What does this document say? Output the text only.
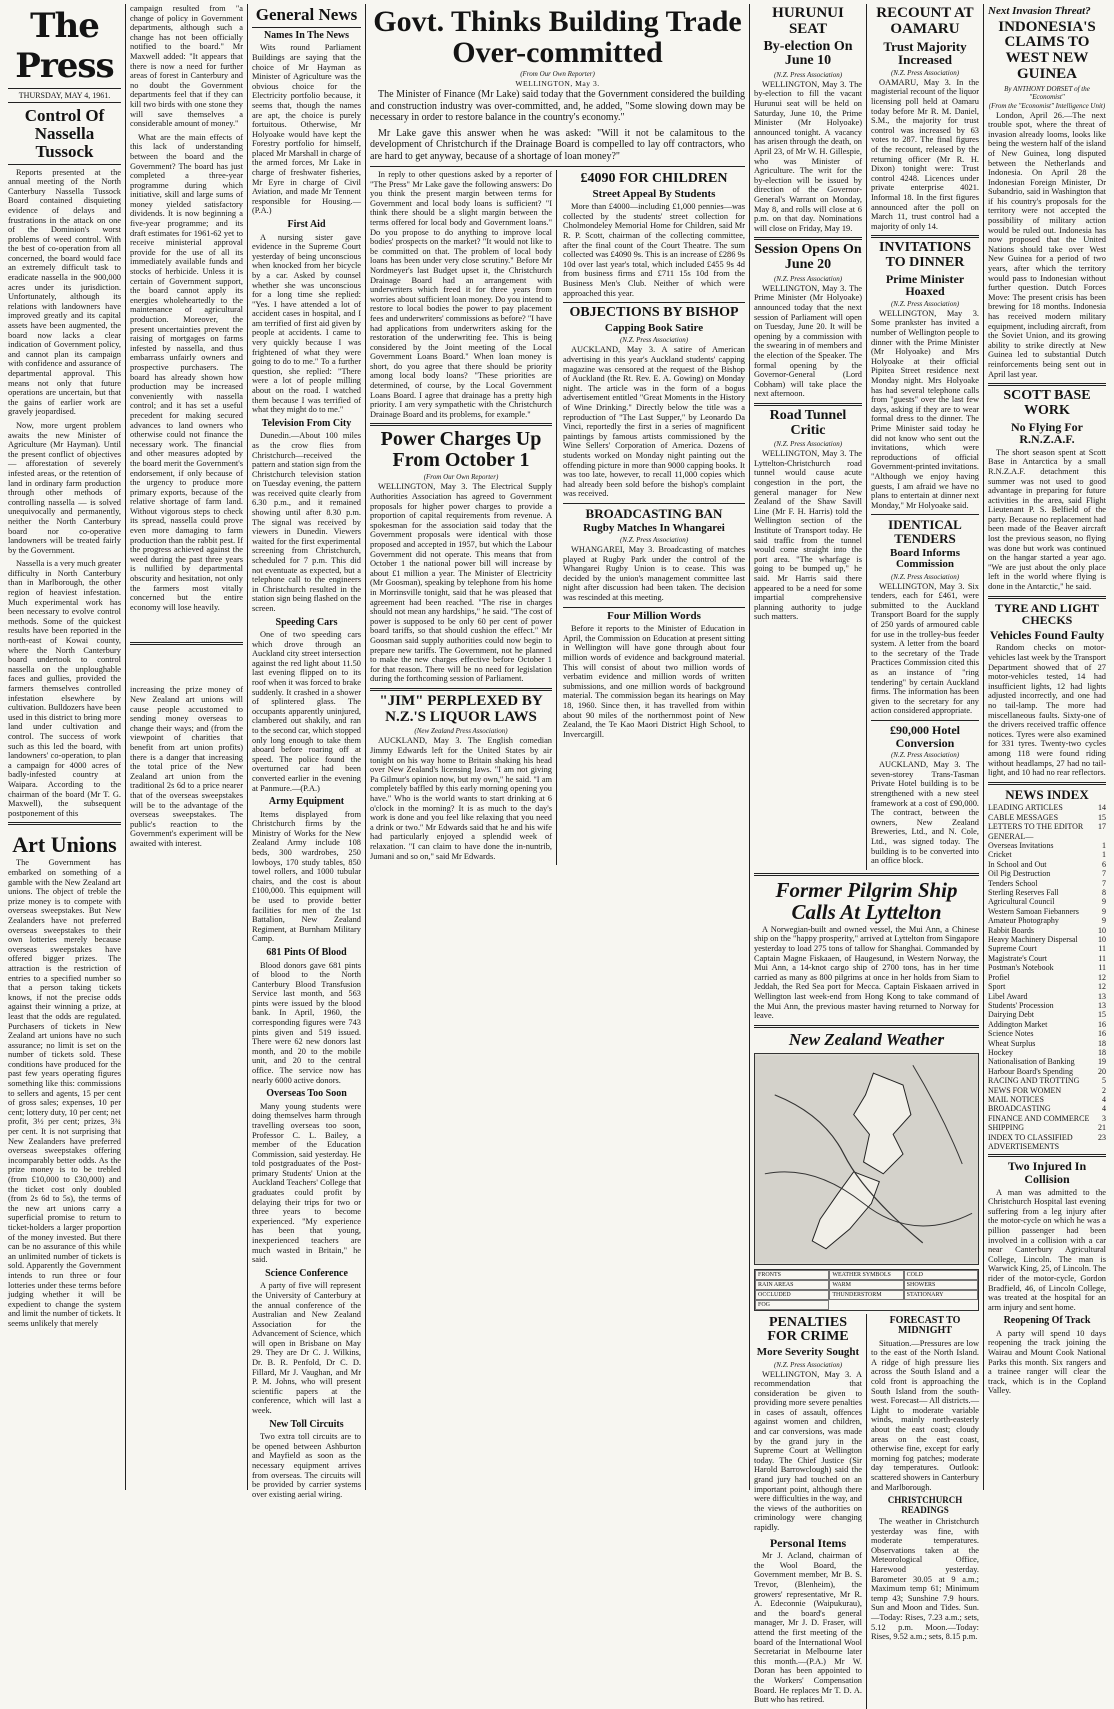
The Press
THURSDAY, MAY 4, 1961.
Control Of Nassella Tussock

Reports presented at the annual meeting of the North Canterbury Nassella Tussock Board contained disquieting evidence of delays and frustrations in the attack on one of the Dominion's worst problems of weed control. With the best of co-operation from all concerned, the board would face an extremely difficult task to eradicate nassella in the 900,000 acres under its jurisdiction. Unfortunately, although its relations with landowners have improved greatly and its capital assets have been augmented, the board now lacks a clear indication of Government policy, and cannot plan its campaign with confidence and assurance of departmental approval. This means not only that future operations are uncertain, but that the gains of earlier work are gravely jeopardised.

Now, more urgent problem awaits the new Minister of Agriculture (Mr Hayman). Until the present conflict of objectives — afforestation of severely infested areas, or the retention of land in ordinary farm production through other methods of controlling nassella — is solved unequivocally and permanently, neither the North Canterbury board nor co-operative landowners will be treated fairly by the Government.

Nassella is a very much greater difficulty in North Canterbury than in Marlborough, the other region of heaviest infestation. Much experimental work has been necessary to evolve control methods. Some of the quickest results have been reported in the north-east of Kowai county, where the North Canterbury board undertook to control nassella on the unploughable faces and gullies, provided the farmers themselves controlled infestation elsewhere by cultivation. Bulldozers have been used in this district to bring more land under cultivation and control. The success of work such as this led the board, with landowners' co-operation, to plan a campaign for 4000 acres of badly-infested country at Waipara. According to the chairman of the board (Mr T. G. Maxwell), the subsequent postponement of this

Art Unions

The Government has embarked on something of a gamble with the New Zealand art unions. The object of treble the prize money is to compete with overseas sweepstakes. But New Zealanders have not preferred overseas sweepstakes to their own lotteries merely because overseas sweepstakes have offered bigger prizes. The attraction is the restriction of entries to a specified number so that a person taking tickets knows, if not the precise odds against their winning a prize, at least that the odds are regulated. Purchasers of tickets in New Zealand art unions have no such assurance; no limit is set on the number of tickets sold. These conditions have produced for the past few years operating figures something like this: commissions to sellers and agents, 15 per cent of gross sales; expenses, 10 per cent; lottery duty, 10 per cent; net profit, 3½ per cent; prizes, 3¾ per cent. It is not surprising that New Zealanders have preferred overseas sweepstakes offering incomparably better odds. As the prize money is to be trebled (from £10,000 to £30,000) and the ticket cost only doubled (from 2s 6d to 5s), the terms of the new art unions carry a superficial promise to return to ticket-holders a larger proportion of the money invested. But there can be no assurance of this while an unlimited number of tickets is sold. Apparently the Government intends to run three or four lotteries under these terms before judging whether it will be expedient to change the system and limit the number of tickets. It seems unlikely that merely

campaign resulted from "a change of policy in Government departments, although such a change has not been officially notified to the board." Mr Maxwell added: "It appears that there is now a need for further areas of forest in Canterbury and no doubt the Government departments feel that if they can kill two birds with one stone they will save themselves a considerable amount of money."

What are the main effects of this lack of understanding between the board and the Government? The board has just completed a three-year programme during which initiative, skill and large sums of money yielded satisfactory dividends. It is now beginning a five-year programme; and its draft estimates for 1961-62 yet to receive ministerial approval provide for the use of all its immediately available funds and stocks of herbicide. Unless it is certain of Government support, the board cannot apply its energies wholeheartedly to the maintenance of agricultural production. Moreover, the present uncertainties prevent the raising of mortgages on farms infested by nassella, and thus embarrass unfairly owners and prospective purchasers. The board has already shown how production may be increased conveniently with nassella control; and it has set a useful precedent for making secured advances to land owners who otherwise could not finance the necessary work. The financial and other measures adopted by the board merit the Government's endorsement, if only because of the urgency to produce more primary exports, because of the relative shortage of farm land. Without vigorous steps to check its spread, nassella could prove even more damaging to farm production than the rabbit pest. If the progress achieved against the weed during the past three years is nullified by departmental obscurity and hesitation, not only the farmers most vitally concerned but the entire economy will lose heavily.

increasing the prize money of New Zealand art unions will cause people accustomed to sending money overseas to change their ways; and (from the viewpoint of charities that benefit from art union profits) there is a danger that increasing the total price of the New Zealand art union from the traditional 2s 6d to a price nearer that of the overseas sweepstakes will be to the advantage of the overseas sweepstakes. The public's reaction to the Government's experiment will be awaited with interest.

General News
Names In The News

Wits round Parliament Buildings are saying that the choice of Mr Hayman as Minister of Agriculture was the obvious choice for the Electricity portfolio because, it seems that, though the names are apt, the choice is purely fortuitous. Otherwise, Mr Holyoake would have kept the Forestry portfolio for himself, placed Mr Marshall in charge of the armed forces, Mr Lake in charge of freshwater fisheries, Mr Eyre in charge of Civil Aviation, and made Mr Tennent responsible for Housing.—(P.A.)

First Aid

A nursing sister gave evidence in the Supreme Court yesterday of being unconscious when knocked from her bicycle by a car. Asked by counsel whether she was unconscious for a long time she replied: "Yes. I have attended a lot of accident cases in hospital, and I am terrified of first aid given by people at accidents. I came to very quickly because I was frightened of what they were going to do to me." To a further question, she replied: "There were a lot of people milling about on the road. I watched them because I was terrified of what they might do to me."

Television From City

Dunedin.—About 100 miles as the crow flies from Christchurch—received the pattern and station sign from the Christchurch television station on Tuesday evening, the pattern was received quite clearly from 6.30 p.m., and it remained showing until after 8.30 p.m. The signal was received by viewers in Dunedin. Viewers waited for the first experimental screening from Christchurch, scheduled for 7 p.m. This did not eventuate as expected, but a telephone call to the engineers in Christchurch resulted in the station sign being flashed on the screen.

Speeding Cars

One of two speeding cars which drove through an Auckland city street intersection against the red light about 11.50 last evening flipped on to its roof when it was forced to brake suddenly. It crashed in a shower of splintered glass. The occupants apparently uninjured, clambered out shakily, and ran to the second car, which stopped only long enough to take them aboard before roaring off at speed. The police found the overturned car had been converted earlier in the evening at Panmure.—(P.A.)

Army Equipment

Items displayed from Christchurch firms by the Ministry of Works for the New Zealand Army include 108 beds, 300 wardrobes, 250 lowboys, 170 study tables, 850 towel rollers, and 1000 tubular chairs, and the cost is about £100,000. This equipment will be used to provide better facilities for men of the 1st Battalion, New Zealand Regiment, at Burnham Military Camp.

681 Pints Of Blood

Blood donors gave 681 pints of blood to the North Canterbury Blood Transfusion Service last month, and 563 pints were issued by the blood bank. In April, 1960, the corresponding figures were 743 pints given and 519 issued. There were 62 new donors last month, and 20 to the mobile unit, and 20 to the central office. The service now has nearly 6000 active donors.

Overseas Too Soon

Many young students were doing themselves harm through travelling overseas too soon, Professor C. L. Bailey, a member of the Education Commission, said yesterday. He told postgraduates of the Post-primary Students' Union at the Auckland Teachers' College that graduates could profit by delaying their trips for two or three years to become experienced. "My experience has been that young, inexperienced teachers are much wasted in Britain," he said.

Science Conference

A party of five will represent the University of Canterbury at the annual conference of the Australian and New Zealand Association for the Advancement of Science, which will open in Brisbane on May 29. They are Dr C. J. Wilkins, Dr. B. R. Penfold, Dr C. D. Fillard, Mr J. Vaughan, and Mr P. M. Johns, who will present scientific papers at the conference, which will last a week.

New Toll Circuits

Two extra toll circuits are to be opened between Ashburton and Mayfield as soon as the necessary equipment arrives from overseas. The circuits will be provided by carrier systems over existing aerial wiring.

Govt. Thinks Building Trade Over-committed
(From Our Own Reporter)
WELLINGTON, May 3.

The Minister of Finance (Mr Lake) said today that the Government considered the building and construction industry was over-committed, and, he added, "Some slowing down may be necessary in order to restore balance in the country's economy."

Mr Lake gave this answer when he was asked: "Will it not be calamitous to the development of Christchurch if the Drainage Board is compelled to lay off contractors, who are hard to get anyway, because of a shortage of loan money?"

In reply to other questions asked by a reporter of "The Press" Mr Lake gave the following answers: Do you think the present margin between terms for Government and local body loans is sufficient? "I think there should be a slight margin between the terms offered for local body and Government loans." Do you propose to do anything to improve local bodies' prospects on the market? "It would not like to be committed on that. The problem of local body loans has been under very close scrutiny." Before Mr Nordmeyer's last Budget upset it, the Christchurch Drainage Board had an arrangement with underwriters which freed it for three years from worries about sufficient loan money. Do you intend to restore to local bodies the power to pay placement fees and underwriters' commissions as before? "I have had applications from underwriters asking for the restoration of the underwriting fee. This is being considered by the Joint meeting of the Local Government Loans Board." When loan money is short, do you agree that there should be priority among local body loans? "These priorities are determined, of course, by the Local Government Loans Board. I agree that drainage has a pretty high priority. I am very sympathetic with the Christchurch Drainage Board and its problems, for example."

Power Charges Up From October 1
(From Our Own Reporter)

WELLINGTON, May 3. The Electrical Supply Authorities Association has agreed to Government proposals for higher power charges to provide a proportion of capital requirements from revenue. A spokesman for the association said today that the Government proposals were identical with those proposed and accepted in 1957, but which the Labour Government did not operate. This means that from October 1 the national power bill will increase by about £1 million a year. The Minister of Electricity (Mr Goosman), speaking by telephone from his home in Morrinsville tonight, said that he was pleased that agreement had been reached. "The rise in charges should not mean any hardships," he said. "The cost of power is supposed to be only 60 per cent of power board tariffs, so that should cushion the effect." Mr Goosman said supply authorities could now begin to prepare new tariffs. The Government, not he planned to make the new charges effective before October 1 for that reason. There will be no need for legislation during the forthcoming session of Parliament.

"JIM" PERPLEXED BY N.Z.'S LIQUOR LAWS
(New Zealand Press Association)

AUCKLAND, May 3. The English comedian Jimmy Edwards left for the United States by air tonight on his way home to Britain shaking his head over New Zealand's licensing laws. "I am not giving Pa Gilmur's opinion now, but my own," he said. "I am completely baffled by this early morning opening you have." Who is the world wants to start drinking at 6 o'clock in the morning? It is as much to the day's work is done and you feel like relaxing that you need a drink or two." Mr Edwards said that he and his wife had particularly enjoyed a splendid week of relaxation. "I can claim to have done the in-nuntrib, Jumani and so on," said Mr Edwards.

£4090 FOR CHILDREN
Street Appeal By Students

More than £4000—including £1,000 pennies—was collected by the students' street collection for Cholmondeley Memorial Home for Children, said Mr R. P. Scott, chairman of the collecting committee, after the final count of the Court Theatre. The sum collected was £4090 9s. This is an increase of £286 9s 10d over last year's total, which included £455 9s 4d from business firms and £711 15s 10d from the Business Men's Club. Neither of which were approached this year.

OBJECTIONS BY BISHOP
Capping Book Satire
(N.Z. Press Association)

AUCKLAND, May 3. A satire of American advertising in this year's Auckland students' capping magazine was censored at the request of the Bishop of Auckland (the Rt. Rev. E. A. Gowing) on Monday night. The article was in the form of a bogus advertisement entitled "Great Moments in the History of Wine Drinking." Directly below the title was a reproduction of "The Last Supper," by Leonardo Da Vinci, reportedly the first in a series of magnificent paintings by famous artists commissioned by the Wine Sellers' Corporation of America. Dozens of students worked on Monday night painting out the offending picture in more than 9000 capping books. It was too late, however, to recall 11,000 copies which had already been sold before the bishop's complaint was received.

BROADCASTING BAN
Rugby Matches In Whangarei
(N.Z. Press Association)

WHANGAREI, May 3. Broadcasting of matches played at Rugby Park under the control of the Whangarei Rugby Union is to cease. This was decided by the union's management committee last night after discussion had been taken. The decision was rescinded at this meeting.

Four Million Words

Before it reports to the Minister of Education in April, the Commission on Education at present sitting in Wellington will have gone through about four million words of evidence and background material. This will consist of about two million words of verbatim evidence and million words of written submissions, and one million words of background material. The commission began its hearings on May 18, 1960. Since then, it has travelled from within about 90 miles of the northernmost point of New Zealand, the Te Kao Maori District High School, to Invercargill.

HURUNUI SEAT
By-election On June 10
(N.Z. Press Association)

WELLINGTON, May 3. The by-election to fill the vacant Hurunui seat will be held on Saturday, June 10, the Prime Minister (Mr Holyoake) announced tonight. A vacancy has arisen through the death, on April 23, of Mr W. H. Gillespie, who was Minister of Agriculture. The writ for the by-election will be issued by direction of the Governor-General's Warrant on Monday, May 8, and rolls will close at 6 p.m. on that day. Nominations will close on Friday, May 19.

Session Opens On June 20
(N.Z. Press Association)

WELLINGTON, May 3. The Prime Minister (Mr Holyoake) announced today that the next session of Parliament will open on Tuesday, June 20. It will be opening by a commission with the swearing in of members and the election of the Speaker. The formal opening by the Governor-General (Lord Cobham) will take place the next afternoon.

Road Tunnel Critic
(N.Z. Press Association)

WELLINGTON, May 3. The Lyttelton-Christchurch road tunnel would cause acute congestion in the port, the general manager for New Zealand of the Shaw Savill Line (Mr F. H. Harris) told the Wellington section of the Institute of Transport today. He said traffic from the tunnel would come straight into the port area. "The wharfage is going to be bumped up," he said. Mr Harris said there appeared to be a need for some impartial comprehensive planning authority to judge such matters.

RECOUNT AT OAMARU
Trust Majority Increased
(N.Z. Press Association)

OAMARU, May 3. In the magisterial recount of the liquor licensing poll held at Oamaru today before Mr R. M. Daniel, S.M., the majority for trust control was increased by 63 votes to 287. The final figures of the recount, released by the returning officer (Mr R. H. Dixon) tonight were: Trust control 4248. Licences under private enterprise 4021. Informal 18. In the first figures announced after the poll on March 11, trust control had a majority of only 14.

INVITATIONS TO DINNER
Prime Minister Hoaxed
(N.Z. Press Association)

WELLINGTON, May 3. Some prankster has invited a number of Wellington people to dinner with the Prime Minister (Mr Holyoake) and Mrs Holyoake at their official Pipitea Street residence next Monday night. Mrs Holyoake has had several telephone calls from "guests" over the last few days, asking if they are to wear formal dress to the dinner. The Prime Minister said today he did not know who sent out the invitations, which were reproductions of official Government-printed invitations. "Although we enjoy having guests, I am afraid we have no plans to entertain at dinner next Monday," Mr Holyoake said.

IDENTICAL TENDERS
Board Informs Commission
(N.Z. Press Association)

WELLINGTON, May 3. Six tenders, each for £461, were submitted to the Auckland Transport Board for the supply of 250 yards of armoured cable for use in the trolley-bus feeder system. A letter from the board to the secretary of the Trade Practices Commission cited this as an instance of "ring tendering" by certain Auckland firms. The information has been given to the secretary for any action considered appropriate.

£90,000 Hotel Conversion
(N.Z. Press Association)

AUCKLAND, May 3. The seven-storey Trans-Tasman Private Hotel building is to be strengthened with a new steel framework at a cost of £90,000. The contract, between the owners, New Zealand Breweries, Ltd., and N. Cole, Ltd., was signed today. The building is to be converted into an office block.

Former Pilgrim Ship Calls At Lyttelton

A Norwegian-built and owned vessel, the Mui Ann, a Chinese ship on the "happy prosperity," arrived at Lyttelton from Singapore yesterday to load 275 tons of tallow for Shanghai. Commanded by Captain Magne Fiskaaen, of Haugesund, in Western Norway, the Mui Ann, a 14-knot cargo ship of 2700 tons, has in her time carried as many as 800 pilgrims at once in her holds from Siam to Jeddah, the Red Sea port for Mecca. Captain Fiskaaen arrived in Wellington last week-end from Hong Kong to take command of the Mui Ann, the previous master having returned to Norway for leave.

New Zealand Weather
FRONTS	WEATHER SYMBOLS	COLD
RAIN AREAS	WARM	SHOWERS
OCCLUDED	THUNDERSTORM	STATIONARY
FOG
PENALTIES FOR CRIME
More Severity Sought
(N.Z. Press Association)

WELLINGTON, May 3. A recommendation that consideration be given to providing more severe penalties in cases of assault, offences against women and children, and car conversions, was made by the grand jury in the Supreme Court at Wellington today. The Chief Justice (Sir Harold Barrowclough) said the grand jury had touched on an important point, although there were difficulties in the way, and the views of the authorities on criminology were changing rapidly.

Personal Items

Mr J. Acland, chairman of the Wool Board, the Government member, Mr B. S. Trevor, (Blenheim), the growers' representative, Mr R. A. Edeconnie (Waipukurau), and the board's general manager, Mr J. D. Fraser, will attend the first meeting of the board of the International Wool Secretariat in Melbourne later this month.—(P.A.) Mr W. Doran has been appointed to the Workers' Compensation Board. He replaces Mr T. D. A. Butt who has retired.

FORECAST TO MIDNIGHT

Situation.—Pressures are low to the east of the North Island. A ridge of high pressure lies across the South Island and a cold front is approaching the South Island from the south-west. Forecast— All districts.—Light to moderate variable winds, mainly north-easterly about the east coast; cloudy areas on the east coast, otherwise fine, except for early morning fog patches; moderate day temperatures. Outlook: scattered showers in Canterbury and Marlborough.

CHRISTCHURCH READINGS

The weather in Christchurch yesterday was fine, with moderate temperatures. Observations taken at the Meteorological Office, Harewood yesterday. Barometer 30.05 at 9 a.m.; Maximum temp 61; Minimum temp 43; Sunshine 7.9 hours. Sun and Moon and Tides. Sun.—Today: Rises, 7.23 a.m.; sets, 5.12 p.m. Moon.—Today: Rises, 9.52 a.m.; sets, 8.15 p.m.

Next Invasion Threat?
INDONESIA'S CLAIMS TO WEST NEW GUINEA
By ANTHONY DORSET of the "Economist"
(From the "Economist" Intelligence Unit)

London, April 26.—The next trouble spot, where the threat of invasion already looms, looks like being the western half of the island of New Guinea, long disputed between the Netherlands and Indonesia. On April 28 the Indonesian Foreign Minister, Dr Subandrio, said in Washington that if his country's proposals for the territory were not accepted the possibility of military action would be ruled out. Indonesia has now proposed that the United Nations should take over West New Guinea for a period of two years, after which the territory would pass to Indonesian without further question. Dutch Forces Move: The present crisis has been brewing for 18 months. Indonesia has received modern military equipment, including aircraft, from the Soviet Union, and its growing ability to strike directly at New Guinea led to substantial Dutch reinforcements being sent out in April last year.

SCOTT BASE WORK
No Flying For R.N.Z.A.F.

The short season spent at Scott Base in Antarctica by a small R.N.Z.A.F. detachment this summer was not used to good advantage in preparing for future activities in the area, said Flight Lieutenant P. S. Belfield of the party. Because no replacement had been made of the Beaver aircraft lost the previous season, no flying was done but work was continued on the hangar started a year ago. "We are just about the only place left in the world where flying is done in the Antarctic," he said.

TYRE AND LIGHT CHECKS
Vehicles Found Faulty

Random checks on motor-vehicles last week by the Transport Department showed that of 27 motor-vehicles tested, 14 had insufficient lights, 12 had lights adjusted incorrectly, and one had no tail-lamp. The more had miscellaneous faults. Sixty-one of the drivers received traffic offence notices. Tyres were also examined for 331 tyres. Twenty-two cycles among 118 were found riding without headlamps, 27 had no tail-light, and 10 had no rear reflectors.

NEWS INDEX
LEADING ARTICLES	14
CABLE MESSAGES	15
LETTERS TO THE EDITOR 17
GENERAL—
Overseas Invitations	1
Cricket	1
In School and Out	6
Oil Pig Destruction	7
Tenders School	7
Sterling Reserves Fall	8
Agricultural Council	9
Western Samoan Fiebanners	9
Amateur Photography	9
Rabbit Boards	10
Heavy Machinery Dispersal	10
Supreme Court	11
Magistrate's Court	11
Postman's Notebook	11
Profiel	12
Sport	12
Libel Award	13
Students' Procession	13
Dairying Debt	15
Addington Market	16
Science Notes	16
Wheat Surplus	18
Hockey	18
Nationalisation of Banking	19
Harbour Board's Spending	20
RACING AND TROTTING	5
NEWS FOR WOMEN	2
MAIL NOTICES	4
BROADCASTING	4
FINANCE AND COMMERCE 3
SHIPPING	21
INDEX TO CLASSIFIED ADVERTISEMENTS
23
Two Injured In Collision

A man was admitted to the Christchurch Hospital last evening suffering from a leg injury after the motor-cycle on which he was a pillion passenger had been involved in a collision with a car near Canterbury Agricultural College, Lincoln. The man is Warwick King, 25, of Lincoln. The rider of the motor-cycle, Gordon Bradfield, 46, of Lincoln College, was treated at the hospital for an arm injury and sent home.

Reopening Of Track

A party will spend 10 days reopening the track joining the Wairau and Mount Cook National Parks this month. Six rangers and a trainee ranger will clear the track, which is in the Copland Valley.
